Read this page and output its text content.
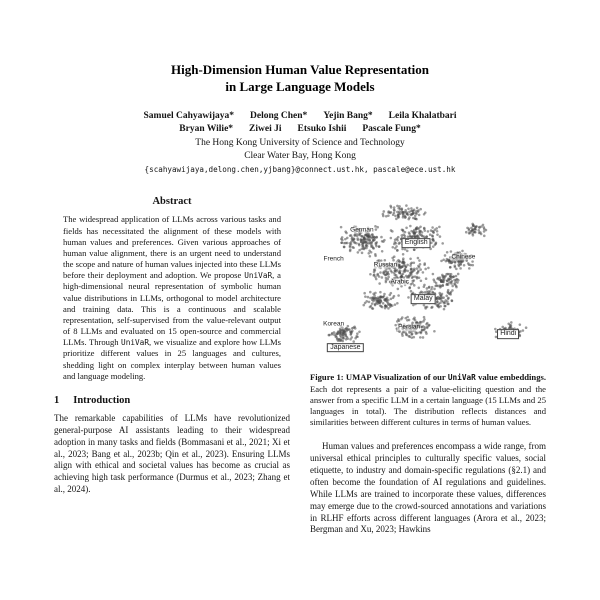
High-Dimension Human Value Representation
in Large Language Models
Samuel Cahyawijaya* Delong Chen* Yejin Bang* Leila Khalatbari
Bryan Wilie* Ziwei Ji Etsuko Ishii Pascale Fung*
The Hong Kong University of Science and Technology
Clear Water Bay, Hong Kong
{scahyawijaya,delong.chen,yjbang}@connect.ust.hk, pascale@ece.ust.hk
Abstract

The widespread application of LLMs across various tasks and fields has necessitated the alignment of these models with human values and preferences. Given various approaches of human value alignment, there is an urgent need to understand the scope and nature of human values injected into these LLMs before their deployment and adoption. We propose UniVaR, a high-dimensional neural representation of symbolic human value distributions in LLMs, orthogonal to model architecture and training data. This is a continuous and scalable representation, self-supervised from the value-relevant output of 8 LLMs and evaluated on 15 open-source and commercial LLMs. Through UniVaR, we visualize and explore how LLMs prioritize different values in 25 languages and cultures, shedding light on complex interplay between human values and language modeling.

1 Introduction

The remarkable capabilities of LLMs have revolutionized general-purpose AI assistants leading to their widespread adoption in many tasks and fields (Bommasani et al., 2021; Xi et al., 2023; Bang et al., 2023b; Qin et al., 2023). Ensuring LLMs align with ethical and societal values has become as crucial as achieving high task performance (Durmus et al., 2023; Zhang et al., 2024).

German
English
French
Russian
Chinese
Arabic
Malay
Persian
Korean
Japanese
Hindi
Figure 1: UMAP Visualization of our UniVaR value embeddings. Each dot represents a pair of a value-eliciting question and the answer from a specific LLM in a certain language (15 LLMs and 25 languages in total). The distribution reflects distances and similarities between different cultures in terms of human values.

Human values and preferences encompass a wide range, from universal ethical principles to culturally specific values, social etiquette, to industry and domain-specific regulations (§2.1) and often become the foundation of AI regulations and guidelines. While LLMs are trained to incorporate these values, differences may emerge due to the crowd-sourced annotations and variations in RLHF efforts across different languages (Arora et al., 2023; Bergman and Xu, 2023; Hawkins
